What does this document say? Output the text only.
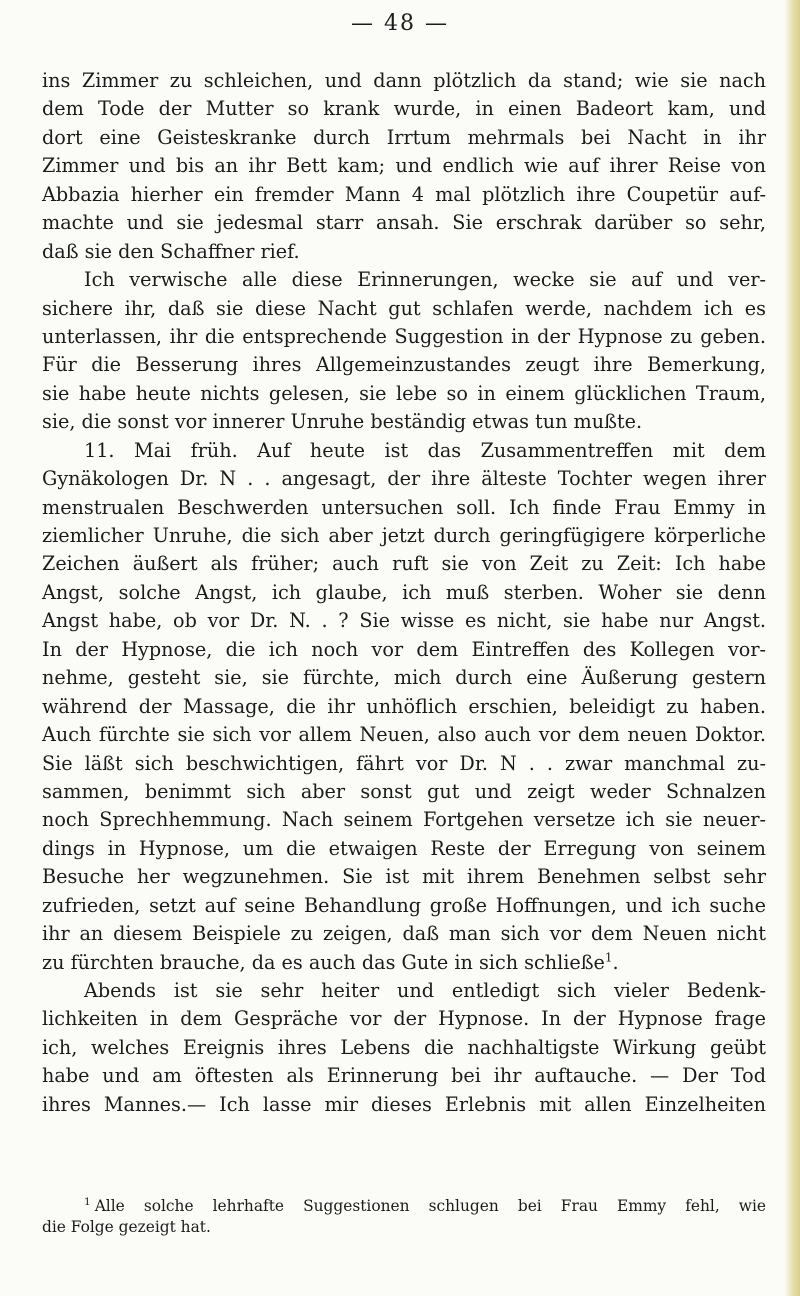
— 48 —
ins Zimmer zu schleichen, und dann plötzlich da stand; wie sie nach
dem Tode der Mutter so krank wurde, in einen Badeort kam, und
dort eine Geisteskranke durch Irrtum mehrmals bei Nacht in ihr
Zimmer und bis an ihr Bett kam; und endlich wie auf ihrer Reise von
Abbazia hierher ein fremder Mann 4 mal plötzlich ihre Coupetür auf-
machte und sie jedesmal starr ansah. Sie erschrak darüber so sehr,
daß sie den Schaffner rief.
Ich verwische alle diese Erinnerungen, wecke sie auf und ver-
sichere ihr, daß sie diese Nacht gut schlafen werde, nachdem ich es
unterlassen, ihr die entsprechende Suggestion in der Hypnose zu geben.
Für die Besserung ihres Allgemeinzustandes zeugt ihre Bemerkung,
sie habe heute nichts gelesen, sie lebe so in einem glücklichen Traum,
sie, die sonst vor innerer Unruhe beständig etwas tun mußte.
11. Mai früh. Auf heute ist das Zusammentreffen mit dem
Gynäkologen Dr. N . . angesagt, der ihre älteste Tochter wegen ihrer
menstrualen Beschwerden untersuchen soll. Ich finde Frau Emmy in
ziemlicher Unruhe, die sich aber jetzt durch geringfügigere körperliche
Zeichen äußert als früher; auch ruft sie von Zeit zu Zeit: Ich habe
Angst, solche Angst, ich glaube, ich muß sterben. Woher sie denn
Angst habe, ob vor Dr. N. . ? Sie wisse es nicht, sie habe nur Angst.
In der Hypnose, die ich noch vor dem Eintreffen des Kollegen vor-
nehme, gesteht sie, sie fürchte, mich durch eine Äußerung gestern
während der Massage, die ihr unhöflich erschien, beleidigt zu haben.
Auch fürchte sie sich vor allem Neuen, also auch vor dem neuen Doktor.
Sie läßt sich beschwichtigen, fährt vor Dr. N . . zwar manchmal zu-
sammen, benimmt sich aber sonst gut und zeigt weder Schnalzen
noch Sprechhemmung. Nach seinem Fortgehen versetze ich sie neuer-
dings in Hypnose, um die etwaigen Reste der Erregung von seinem
Besuche her wegzunehmen. Sie ist mit ihrem Benehmen selbst sehr
zufrieden, setzt auf seine Behandlung große Hoffnungen, und ich suche
ihr an diesem Beispiele zu zeigen, daß man sich vor dem Neuen nicht
zu fürchten brauche, da es auch das Gute in sich schließe$^1$.
Abends ist sie sehr heiter und entledigt sich vieler Bedenk-
lichkeiten in dem Gespräche vor der Hypnose. In der Hypnose frage
ich, welches Ereignis ihres Lebens die nachhaltigste Wirkung geübt
habe und am öftesten als Erinnerung bei ihr auftauche. — Der Tod
ihres Mannes.— Ich lasse mir dieses Erlebnis mit allen Einzelheiten
$^1$ Alle solche lehrhafte Suggestionen schlugen bei Frau Emmy fehl, wie
die Folge gezeigt hat.
